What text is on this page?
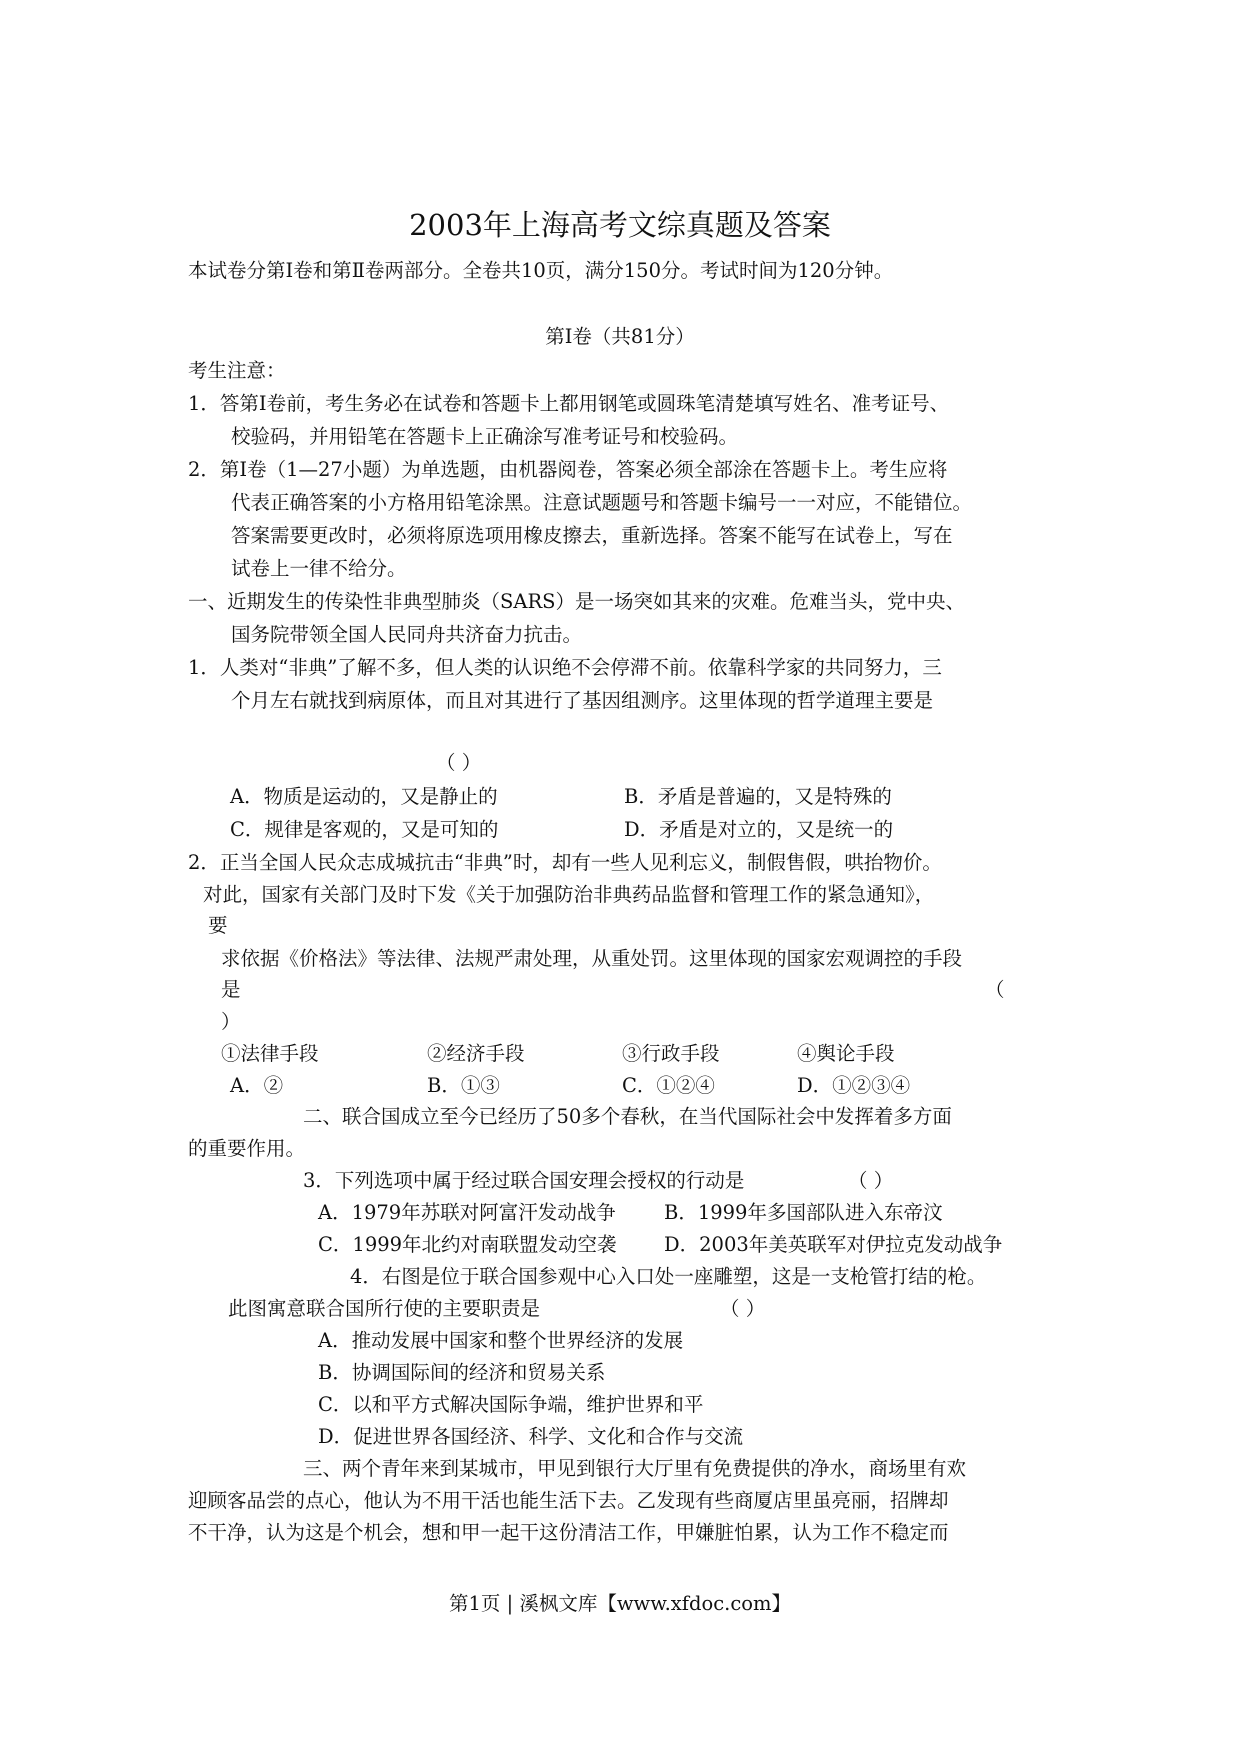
2003年上海高考文综真题及答案
本试卷分第Ⅰ卷和第Ⅱ卷两部分。全卷共10页，满分150分。考试时间为120分钟。
第Ⅰ卷（共81分）
考生注意：
1．答第Ⅰ卷前，考生务必在试卷和答题卡上都用钢笔或圆珠笔清楚填写姓名、准考证号、
校验码，并用铅笔在答题卡上正确涂写准考证号和校验码。
2．第Ⅰ卷（1—27小题）为单选题，由机器阅卷，答案必须全部涂在答题卡上。考生应将
代表正确答案的小方格用铅笔涂黑。注意试题题号和答题卡编号一一对应，不能错位。
答案需要更改时，必须将原选项用橡皮擦去，重新选择。答案不能写在试卷上，写在
试卷上一律不给分。
一、近期发生的传染性非典型肺炎（SARS）是一场突如其来的灾难。危难当头，党中央、
国务院带领全国人民同舟共济奋力抗击。
1．人类对“非典”了解不多，但人类的认识绝不会停滞不前。依靠科学家的共同努力，三
个月左右就找到病原体，而且对其进行了基因组测序。这里体现的哲学道理主要是
（ ）
A．物质是运动的，又是静止的	B．矛盾是普遍的，又是特殊的
C．规律是客观的，又是可知的	D．矛盾是对立的，又是统一的
2．正当全国人民众志成城抗击“非典”时，却有一些人见利忘义，制假售假，哄抬物价。
对此，国家有关部门及时下发《关于加强防治非典药品监督和管理工作的紧急通知》，
要
求依据《价格法》等法律、法规严肃处理，从重处罚。这里体现的国家宏观调控的手段
是	（
）
①法律手段	②经济手段	③行政手段	④舆论手段
A．②	B．①③	C．①②④	D．①②③④
二、联合国成立至今已经历了50多个春秋，在当代国际社会中发挥着多方面
的重要作用。
3．下列选项中属于经过联合国安理会授权的行动是	（ ）
A．1979年苏联对阿富汗发动战争 B．1999年多国部队进入东帝汶
C．1999年北约对南联盟发动空袭 D．2003年美英联军对伊拉克发动战争
4．右图是位于联合国参观中心入口处一座雕塑，这是一支枪管打结的枪。
此图寓意联合国所行使的主要职责是	（ ）
A．推动发展中国家和整个世界经济的发展
B．协调国际间的经济和贸易关系
C．以和平方式解决国际争端，维护世界和平
D．促进世界各国经济、科学、文化和合作与交流
三、两个青年来到某城市，甲见到银行大厅里有免费提供的净水，商场里有欢
迎顾客品尝的点心，他认为不用干活也能生活下去。乙发现有些商厦店里虽亮丽，招牌却
不干净，认为这是个机会，想和甲一起干这份清洁工作，甲嫌脏怕累，认为工作不稳定而
第1页 | 溪枫文库【www.xfdoc.com】
